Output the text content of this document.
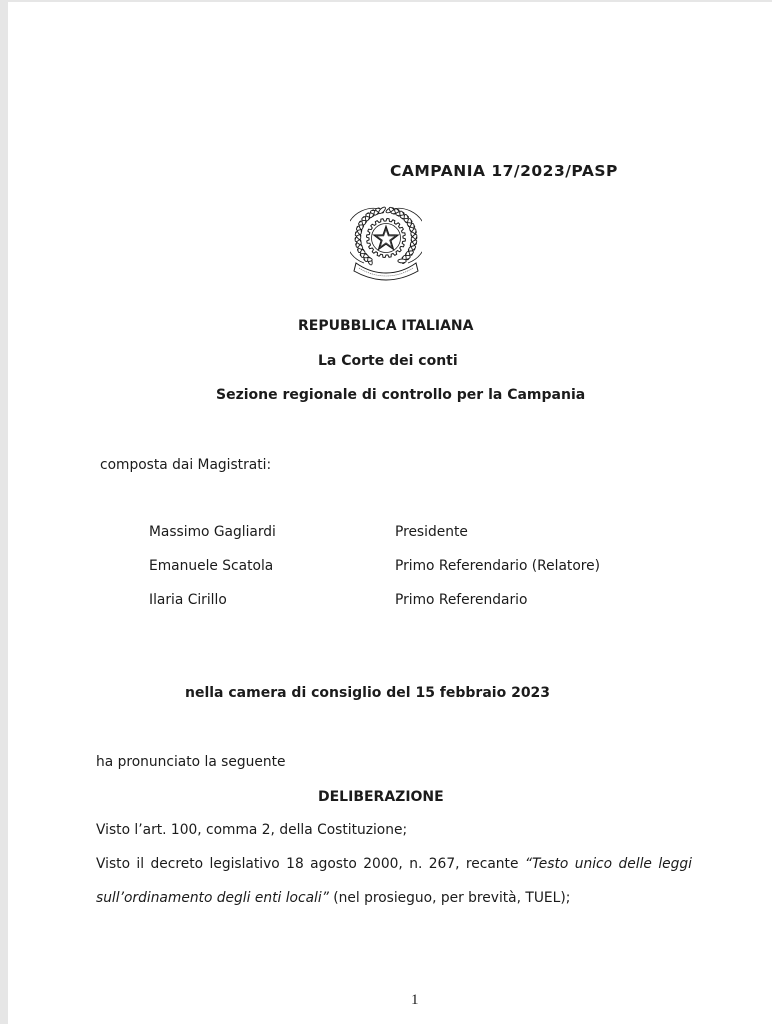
CAMPANIA 17/2023/PASP

REPUBBLICA ITALIANA

La Corte dei conti

Sezione regionale di controllo per la Campania

composta dai Magistrati:

Massimo Gagliardi	Presidente
Emanuele Scatola	Primo Referendario (Relatore)
Ilaria Cirillo	Primo Referendario

nella camera di consiglio del 15 febbraio 2023

ha pronunciato la seguente

DELIBERAZIONE

Visto l’art. 100, comma 2, della Costituzione;

Visto il decreto legislativo 18 agosto 2000, n. 267, recante “Testo unico delle leggi

sull’ordinamento degli enti locali” (nel prosieguo, per brevità, TUEL);

1
